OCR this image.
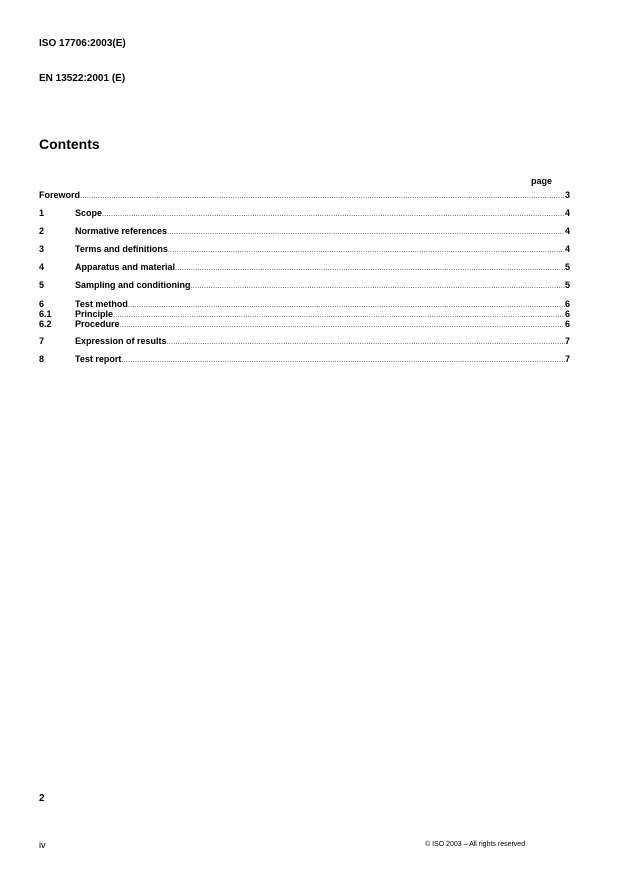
ISO 17706:2003(E)
EN 13522:2001 (E)
Contents
page
Foreword .....	3
1	Scope .....	4
2	Normative references .....	4
3	Terms and definitions .....	4
4	Apparatus and material .....	5
5	Sampling and conditioning .....	5
6	Test method .....	6
6.1	Principle .....	6
6.2	Procedure .....	6
7	Expression of results .....	7
8	Test report .....	7
2
iv	© ISO 2003 – All rights reserved
